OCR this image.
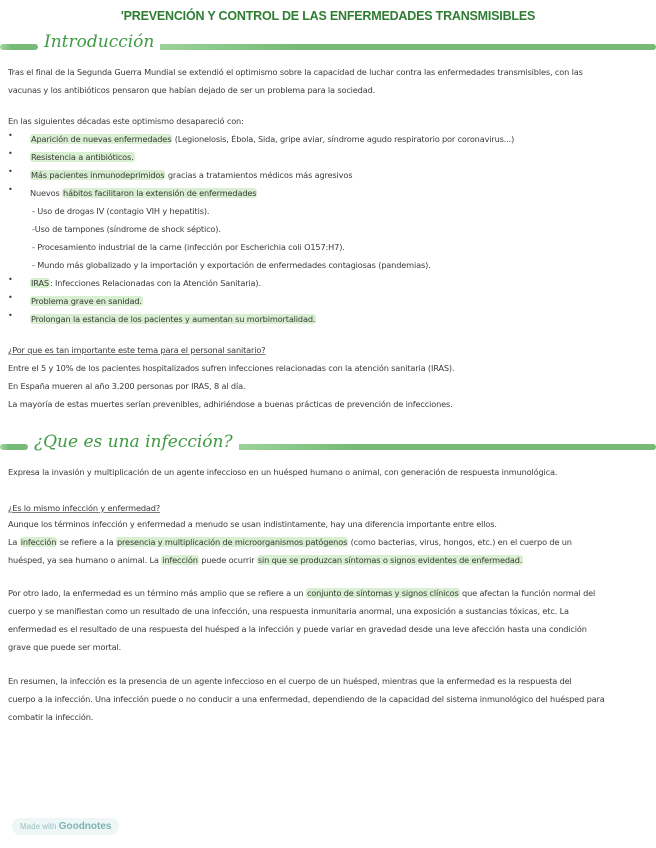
'PREVENCIÓN Y CONTROL DE LAS ENFERMEDADES TRANSMISIBLES
Introducción
Tras el final de la Segunda Guerra Mundial se extendió el optimismo sobre la capacidad de luchar contra las enfermedades transmisibles, con las
vacunas y los antibióticos pensaron que habían dejado de ser un problema para la sociedad.
En las siguientes décadas este optimismo desapareció con:
• Aparición de nuevas enfermedades (Legionelosis, Ébola, Sida, gripe aviar, síndrome agudo respiratorio por coronavirus...)
• Resistencia a antibióticos.
• Más pacientes inmunodeprimidos gracias a tratamientos médicos más agresivos
• Nuevos hábitos facilitaron la extensión de enfermedades
- Uso de drogas IV (contagio VIH y hepatitis).
-Uso de tampones (síndrome de shock séptico).
- Procesamiento industrial de la carne (infección por Escherichia coli O157:H7).
- Mundo más globalizado y la importación y exportación de enfermedades contagiosas (pandemias).
• IRAS: Infecciones Relacionadas con la Atención Sanitaria).
• Problema grave en sanidad.
• Prolongan la estancia de los pacientes y aumentan su morbimortalidad.
¿Por que es tan importante este tema para el personal sanitario?
Entre el 5 y 10% de los pacientes hospitalizados sufren infecciones relacionadas con la atención sanitaria (IRAS).
En España mueren al año 3.200 personas por IRAS, 8 al día.
La mayoría de estas muertes serían prevenibles, adhiriéndose a buenas prácticas de prevención de infecciones.
¿Que es una infección?
Expresa la invasión y multiplicación de un agente infeccioso en un huésped humano o animal, con generación de respuesta inmunológica.
¿Es lo mismo infección y enfermedad?
Aunque los términos infección y enfermedad a menudo se usan indistintamente, hay una diferencia importante entre ellos.
La infección se refiere a la presencia y multiplicación de microorganismos patógenos (como bacterias, virus, hongos, etc.) en el cuerpo de un
huésped, ya sea humano o animal. La infección puede ocurrir sin que se produzcan síntomas o signos evidentes de enfermedad.
Por otro lado, la enfermedad es un término más amplio que se refiere a un conjunto de síntomas y signos clínicos que afectan la función normal del
cuerpo y se manifiestan como un resultado de una infección, una respuesta inmunitaria anormal, una exposición a sustancias tóxicas, etc. La
enfermedad es el resultado de una respuesta del huésped a la infección y puede variar en gravedad desde una leve afección hasta una condición
grave que puede ser mortal.
En resumen, la infección es la presencia de un agente infeccioso en el cuerpo de un huésped, mientras que la enfermedad es la respuesta del
cuerpo a la infección. Una infección puede o no conducir a una enfermedad, dependiendo de la capacidad del sistema inmunológico del huésped para
combatir la infección.
Made with Goodnotes
